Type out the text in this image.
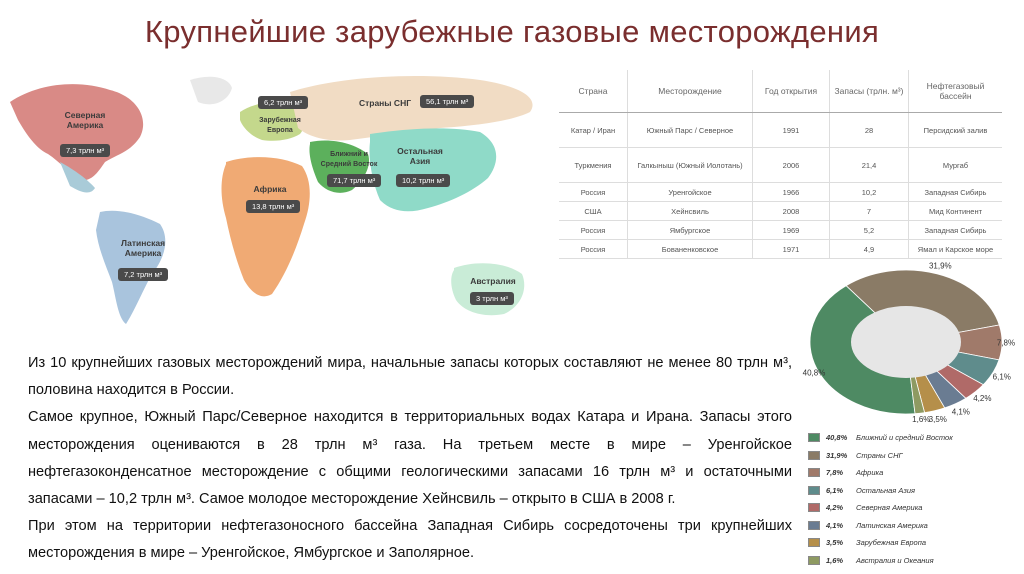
Крупнейшие зарубежные газовые месторождения
Северная Америка
7,3 трлн м³
Латинская Америка
7,2 трлн м³
Африка
13,8 трлн м³
6,2 трлн м³
Зарубежная Европа
Страны СНГ	56,1 трлн м³
Ближний и Средний Восток
71,7 трлн м³
Остальная Азия
10,2 трлн м³
Австралия
3 трлн м³
Страна	Месторождение	Год открытия	Запасы (трлн. м³)	Нефтегазовый бассейн
Катар / Иран	Южный Парс / Северное	1991	28	Персидский залив
Туркмения	Галкыныш (Южный Иолотань)	2006	21,4	Мургаб
Россия	Уренгойское	1966	10,2	Западная Сибирь
США	Хейнсвиль	2008	7	Мид Континент
Россия	Ямбургское	1969	5,2	Западная Сибирь
Россия	Бованенковское	1971	4,9	Ямал и Карское море

Из 10 крупнейших газовых месторождений мира, начальные запасы которых составляют не менее 80 трлн м³, половина находится в России.

Самое крупное, Южный Парс/Северное находится в территориальных водах Катара и Ирана. Запасы этого месторождения оцениваются в 28 трлн м³ газа. На третьем месте в мире – Уренгойское нефтегазоконденсатное месторождение с общими геологическими запасами 16 трлн м³ и остаточными запасами – 10,2 трлн м³. Самое молодое месторождение Хейнсвиль – открыто в США в 2008 г.

При этом на территории нефтегазоносного бассейна Западная Сибирь сосредоточены три крупнейших месторождения в мире – Уренгойское, Ямбургское и Заполярное.

40,8%
31,9%
7,8%
6,1%
4,2%
4,1%
3,5%
1,6%
40,8%	Ближний и средний Восток
31,9%	Страны СНГ
7,8%	Африка
6,1%	Остальная Азия
4,2%	Северная Америка
4,1%	Латинская Америка
3,5%	Зарубежная Европа
1,6%	Австралия и Океания
